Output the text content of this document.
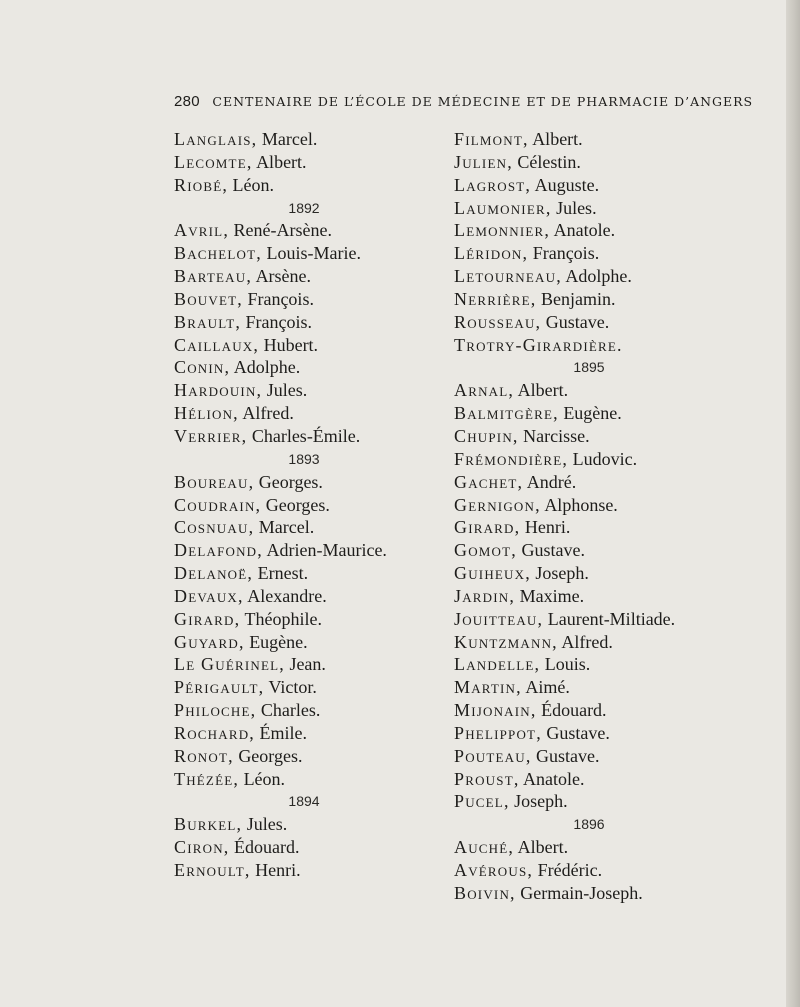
280 CENTENAIRE DE L’ÉCOLE DE MÉDECINE ET DE PHARMACIE D’ANGERS

Langlais, Marcel.

Lecomte, Albert.

Riobé, Léon.

1892

Avril, René-Arsène.

Bachelot, Louis-Marie.

Barteau, Arsène.

Bouvet, François.

Brault, François.

Caillaux, Hubert.

Conin, Adolphe.

Hardouin, Jules.

Hélion, Alfred.

Verrier, Charles-Émile.

1893

Boureau, Georges.

Coudrain, Georges.

Cosnuau, Marcel.

Delafond, Adrien-Maurice.

Delanoë, Ernest.

Devaux, Alexandre.

Girard, Théophile.

Guyard, Eugène.

Le Guérinel, Jean.

Périgault, Victor.

Philoche, Charles.

Rochard, Émile.

Ronot, Georges.

Thézée, Léon.

1894

Burkel, Jules.

Ciron, Édouard.

Ernoult, Henri.

Filmont, Albert.

Julien, Célestin.

Lagrost, Auguste.

Laumonier, Jules.

Lemonnier, Anatole.

Léridon, François.

Letourneau, Adolphe.

Nerrière, Benjamin.

Rousseau, Gustave.

Trotry-Girardière.

1895

Arnal, Albert.

Balmitgère, Eugène.

Chupin, Narcisse.

Frémondière, Ludovic.

Gachet, André.

Gernigon, Alphonse.

Girard, Henri.

Gomot, Gustave.

Guiheux, Joseph.

Jardin, Maxime.

Jouitteau, Laurent-Miltiade.

Kuntzmann, Alfred.

Landelle, Louis.

Martin, Aimé.

Mijonain, Édouard.

Phelippot, Gustave.

Pouteau, Gustave.

Proust, Anatole.

Pucel, Joseph.

1896

Auché, Albert.

Avérous, Frédéric.

Boivin, Germain-Joseph.
